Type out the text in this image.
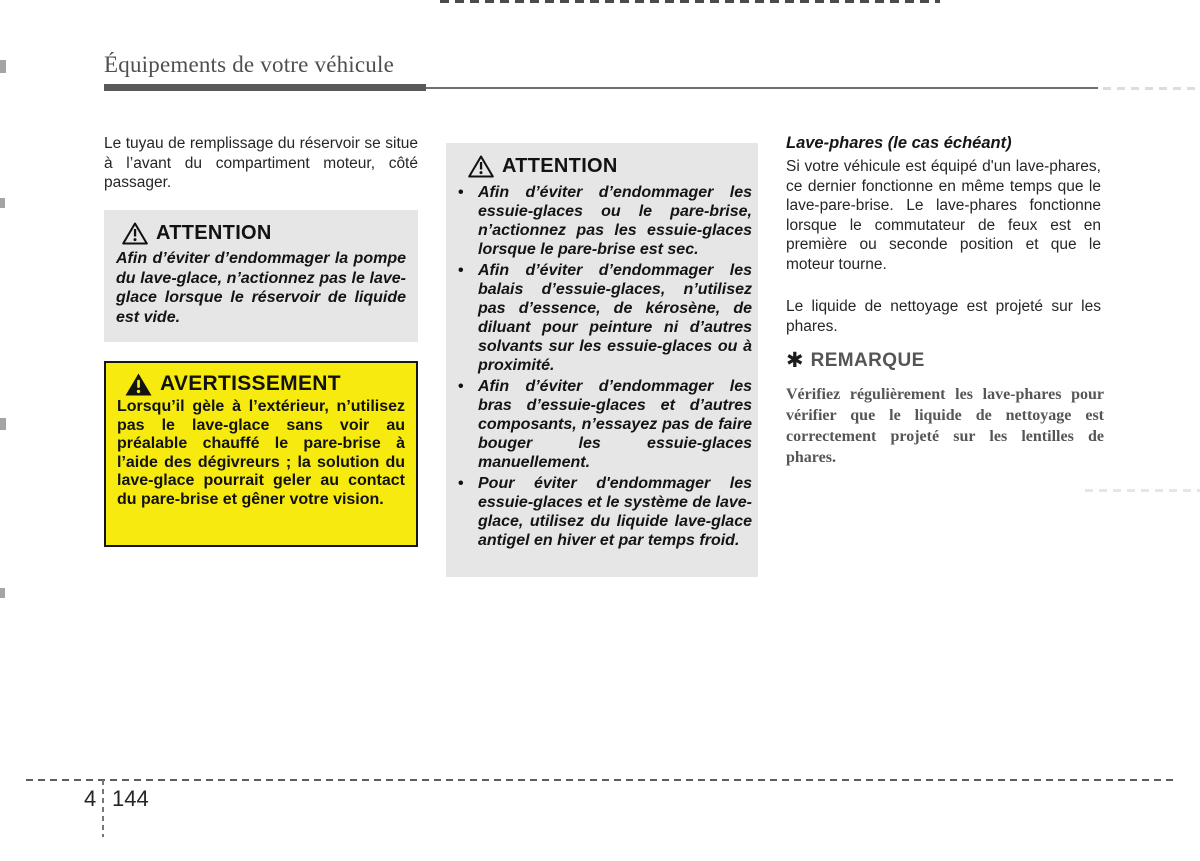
Équipements de votre véhicule
Le tuyau de remplissage du réservoir se situe à l’avant du compartiment moteur, côté passager.
ATTENTION
Afin d’éviter d’endommager la pompe du lave-glace, n’actionnez pas le lave-glace lorsque le réservoir de liquide est vide.
AVERTISSEMENT
Lorsqu’il gèle à l’extérieur, n’utilisez pas le lave-glace sans voir au préalable chauffé le pare-brise à l’aide des dégivreurs ; la solution du lave-glace pourrait geler au contact du pare-brise et gêner votre vision.
ATTENTION
• Afin d’éviter d’endommager les essuie-glaces ou le pare-brise, n’actionnez pas les essuie-glaces lorsque le pare-brise est sec.
• Afin d’éviter d’endommager les balais d’essuie-glaces, n’utilisez pas d’essence, de kérosène, de diluant pour peinture ni d’autres solvants sur les essuie-glaces ou à proximité.
• Afin d’éviter d’endommager les bras d’essuie-glaces et d’autres composants, n’essayez pas de faire bouger les essuie-glaces manuellement.
• Pour éviter d'endommager les essuie-glaces et le système de lave-glace, utilisez du liquide lave-glace antigel en hiver et par temps froid.
Lave-phares (le cas échéant)
Si votre véhicule est équipé d'un lave-phares, ce dernier fonctionne en même temps que le lave-pare-brise. Le lave-phares fonctionne lorsque le commutateur de feux est en première ou seconde position et que le moteur tourne.
Le liquide de nettoyage est projeté sur les phares.
✱ REMARQUE
Vérifiez régulièrement les lave-phares pour vérifier que le liquide de nettoyage est correctement projeté sur les lentilles de phares.
4 144
